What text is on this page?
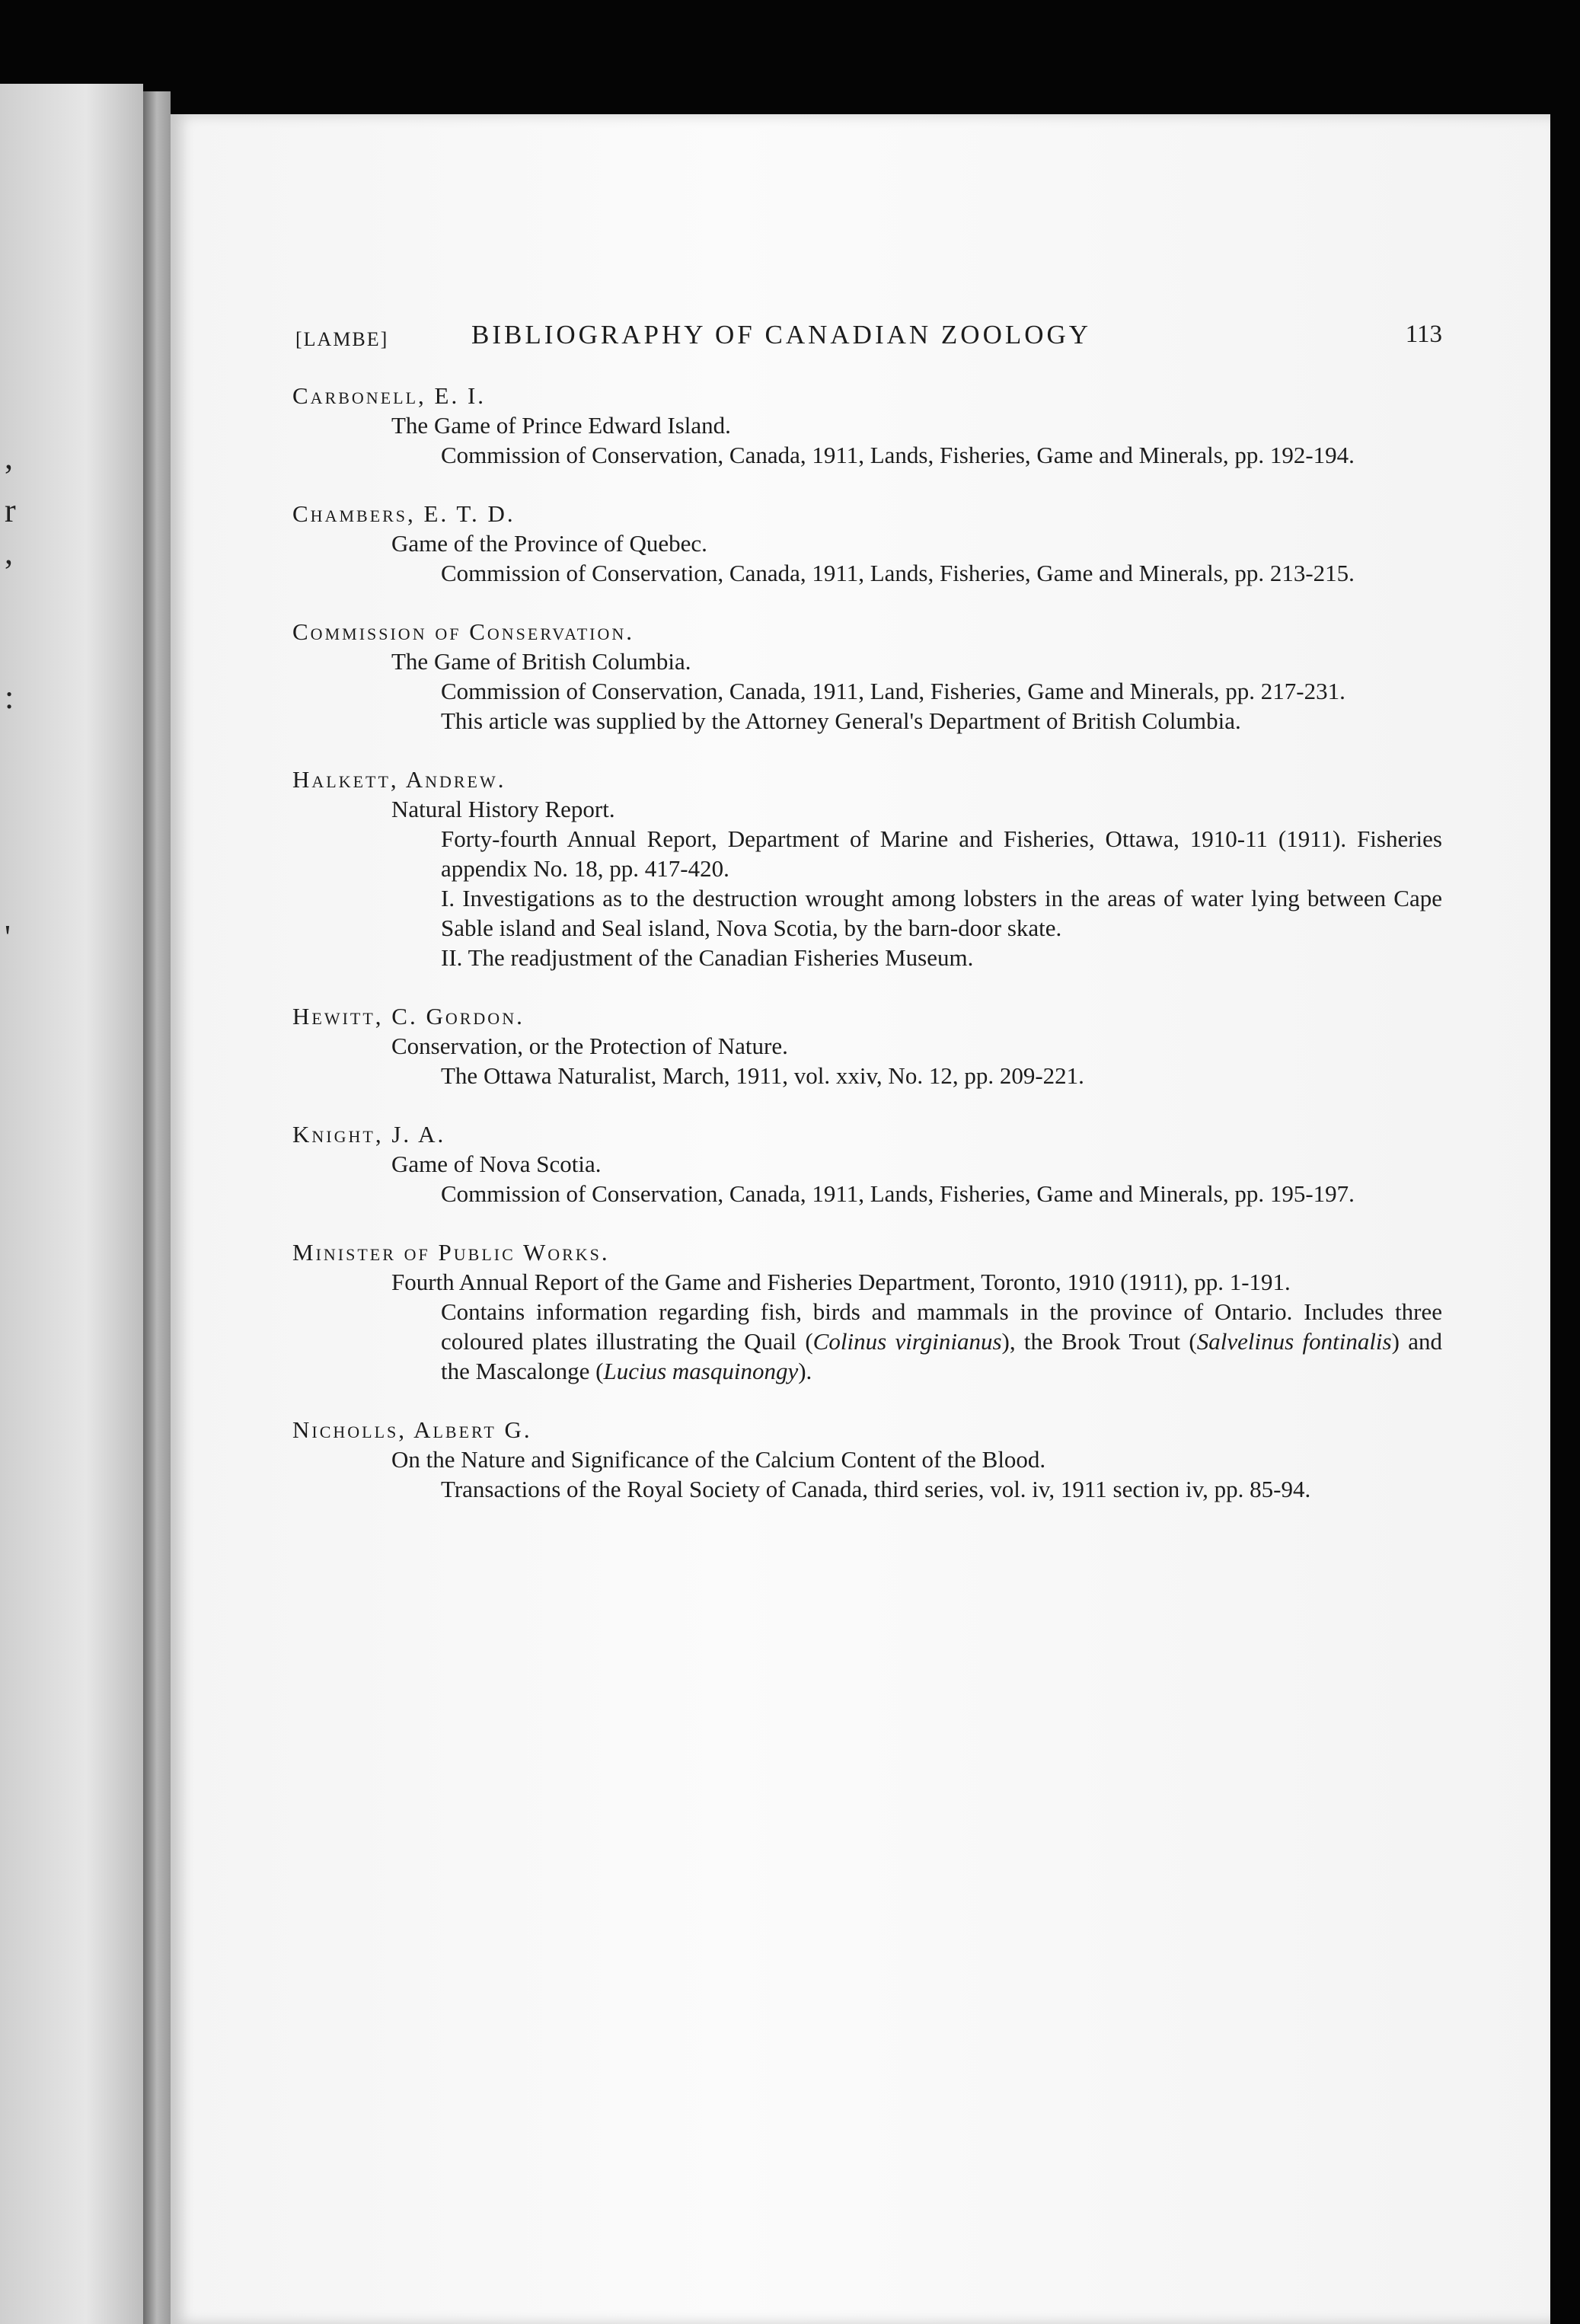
,
r
,
:
'
[LAMBE]	BIBLIOGRAPHY OF CANADIAN ZOOLOGY	113
Carbonell, E. I.
The Game of Prince Edward Island.
Commission of Conservation, Canada, 1911, Lands, Fisheries, Game and Minerals, pp. 192-194.
Chambers, E. T. D.
Game of the Province of Quebec.
Commission of Conservation, Canada, 1911, Lands, Fisheries, Game and Minerals, pp. 213-215.
Commission of Conservation.
The Game of British Columbia.
Commission of Conservation, Canada, 1911, Land, Fisheries, Game and Minerals, pp. 217-231.
This article was supplied by the Attorney General's Department of British Columbia.
Halkett, Andrew.
Natural History Report.
Forty-fourth Annual Report, Department of Marine and Fisheries, Ottawa, 1910-11 (1911). Fisheries appendix No. 18, pp. 417-420.
I. Investigations as to the destruction wrought among lobsters in the areas of water lying between Cape Sable island and Seal island, Nova Scotia, by the barn-door skate.
II. The readjustment of the Canadian Fisheries Museum.
Hewitt, C. Gordon.
Conservation, or the Protection of Nature.
The Ottawa Naturalist, March, 1911, vol. xxiv, No. 12, pp. 209-221.
Knight, J. A.
Game of Nova Scotia.
Commission of Conservation, Canada, 1911, Lands, Fisheries, Game and Minerals, pp. 195-197.
Minister of Public Works.
Fourth Annual Report of the Game and Fisheries Department, Toronto, 1910 (1911), pp. 1-191.
Contains information regarding fish, birds and mammals in the province of Ontario. Includes three coloured plates illustrating the Quail (Colinus virginianus), the Brook Trout (Salvelinus fontinalis) and the Mascalonge (Lucius masquinongy).
Nicholls, Albert G.
On the Nature and Significance of the Calcium Content of the Blood.
Transactions of the Royal Society of Canada, third series, vol. iv, 1911 section iv, pp. 85-94.
